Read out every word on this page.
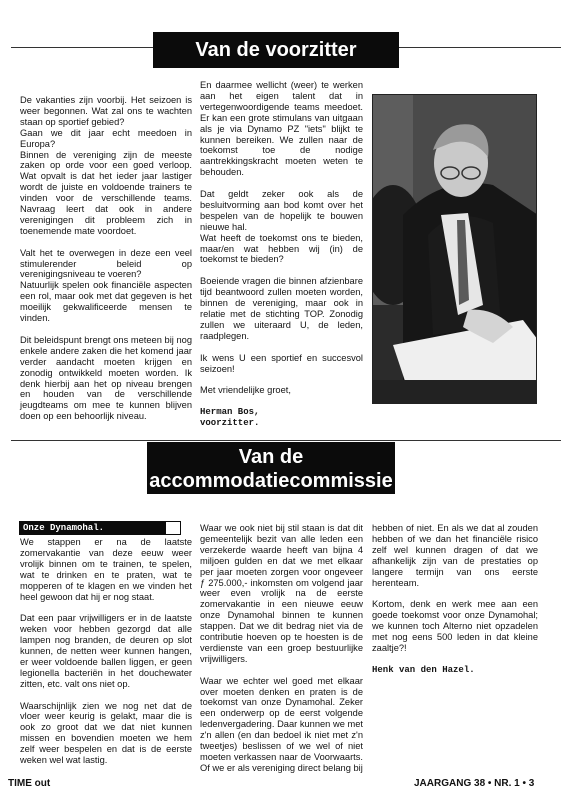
Van de voorzitter

De vakanties zijn voorbij. Het seizoen is weer begonnen. Wat zal ons te wachten staan op sportief gebied?
Gaan we dit jaar echt meedoen in Europa?
Binnen de vereniging zijn de meeste zaken op orde voor een goed verloop. Wat opvalt is dat het ieder jaar lastiger wordt de juiste en voldoende trainers te vinden voor de verschillende teams. Navraag leert dat ook in andere verenigingen dit probleem zich in toenemende mate voordoet.

Valt het te overwegen in deze een veel stimulerender beleid op verenigingsniveau te voeren?
Natuurlijk spelen ook financiële aspecten een rol, maar ook met dat gegeven is het moeilijk gekwalificeerde mensen te vinden.

Dit beleidspunt brengt ons meteen bij nog enkele andere zaken die het komend jaar verder aandacht moeten krijgen en zonodig ontwikkeld moeten worden. Ik denk hierbij aan het op niveau brengen en houden van de verschillende jeugdteams om mee te kunnen blijven doen op een behoorlijk niveau.

En daarmee wellicht (weer) te werken aan het eigen talent dat in vertegenwoordigende teams meedoet. Er kan een grote stimulans van uitgaan als je via Dynamo PZ "iets" blijkt te kunnen bereiken. We zullen naar de toekomst toe de nodige aantrekkingskracht moeten weten te behouden.

Dat geldt zeker ook als de besluitvorming aan bod komt over het bespelen van de hopelijk te bouwen nieuwe hal.
Wat heeft de toekomst ons te bieden, maar/en wat hebben wij (in) de toekomst te bieden?

Boeiende vragen die binnen afzienbare tijd beantwoord zullen moeten worden, binnen de vereniging, maar ook in relatie met de stichting TOP. Zonodig zullen we uiteraard U, de leden, raadplegen.

Ik wens U een sportief en succesvol seizoen!

Met vriendelijke groet,

Herman Bos,
voorzitter.
Van de
accommodatiecommissie
Onze Dynamohal.

We stappen er na de laatste zomervakantie van deze eeuw weer vrolijk binnen om te trainen, te spelen, wat te drinken en te praten, wat te mopperen of te klagen en we vinden het heel gewoon dat hij er nog staat.

Dat een paar vrijwilligers er in de laatste weken voor hebben gezorgd dat alle lampen nog branden, de deuren op slot kunnen, de netten weer kunnen hangen, er weer voldoende ballen liggen, er geen legionella bacteriën in het douchewater zitten, etc. valt ons niet op.

Waarschijnlijk zien we nog net dat de vloer weer keurig is gelakt, maar die is ook zo groot dat we dat niet kunnen missen en bovendien moeten we hem zelf weer bespelen en dat is de eerste weken wel wat lastig.

Waar we ook niet bij stil staan is dat dit gemeentelijk bezit van alle leden een verzekerde waarde heeft van bijna 4 miljoen gulden en dat we met elkaar per jaar moeten zorgen voor ongeveer ƒ 275.000,- inkomsten om volgend jaar weer even vrolijk na de eerste zomervakantie in een nieuwe eeuw onze Dynamohal binnen te kunnen stappen. Dat we dit bedrag niet via de contributie hoeven op te hoesten is de verdienste van een groep bestuurlijke vrijwilligers.

Waar we echter wel goed met elkaar over moeten denken en praten is de toekomst van onze Dynamohal. Zeker een onderwerp op de eerst volgende ledenvergadering. Daar kunnen we met z'n allen (en dan bedoel ik niet met z'n tweetjes) beslissen of we wel of niet moeten verkassen naar de Voorwaarts. Of we er als vereniging direct belang bij

hebben of niet. En als we dat al zouden hebben of we dan het financiële risico zelf wel kunnen dragen of dat we afhankelijk zijn van de prestaties op langere termijn van ons eerste herenteam.

Kortom, denk en werk mee aan een goede toekomst voor onze Dynamohal; we kunnen toch Alterno niet opzadelen met nog eens 500 leden in dat kleine zaaltje?!

Henk van den Hazel.
TIME out	JAARGANG 38 • NR. 1 • 3
